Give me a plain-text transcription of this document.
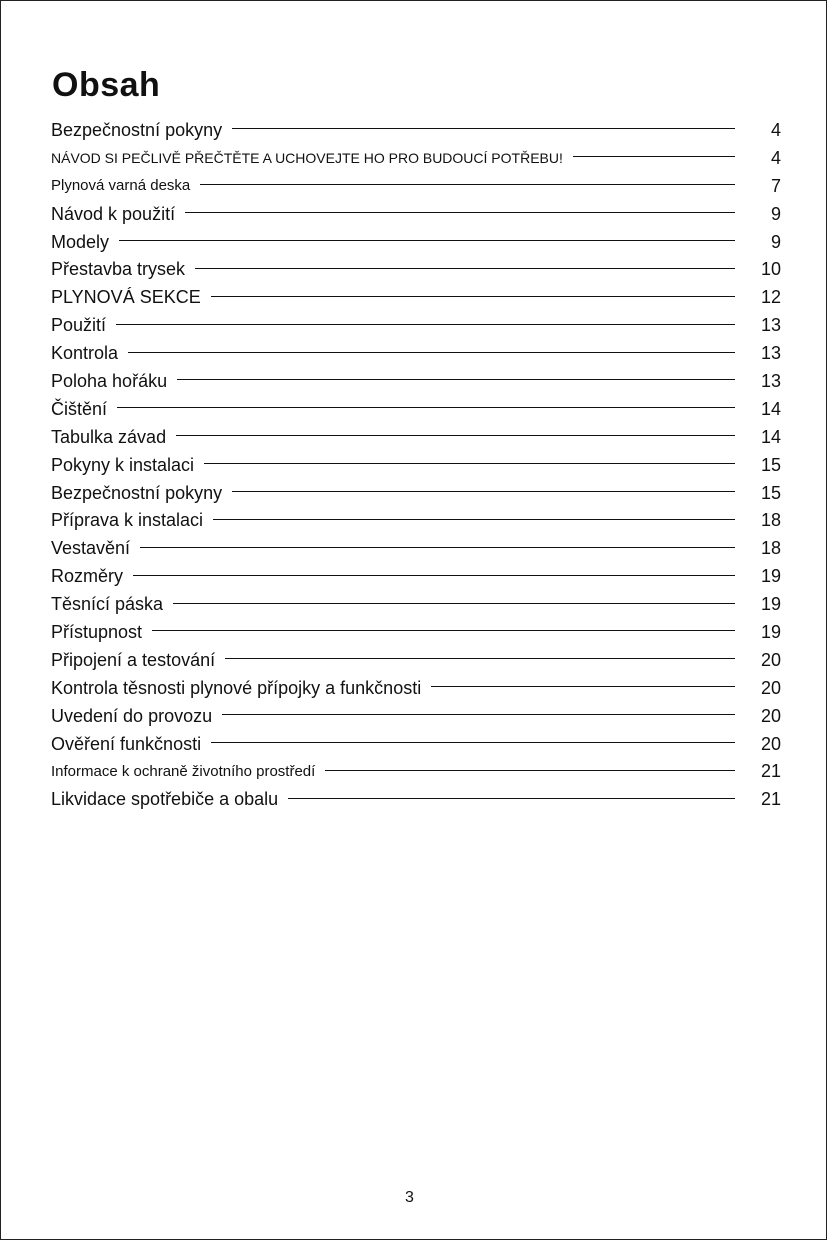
Obsah
Bezpečnostní pokyny	4
NÁVOD SI PEČLIVĚ PŘEČTĚTE A UCHOVEJTE HO PRO BUDOUCÍ POTŘEBU!	4
Plynová varná deska	7
Návod k použití	9
Modely	9
Přestavba trysek	10
PLYNOVÁ SEKCE	12
Použití	13
Kontrola	13
Poloha hořáku	13
Čištění	14
Tabulka závad	14
Pokyny k instalaci	15
Bezpečnostní pokyny	15
Příprava k instalaci	18
Vestavění	18
Rozměry	19
Těsnící páska	19
Přístupnost	19
Připojení a testování	20
Kontrola těsnosti plynové přípojky a funkčnosti	20
Uvedení do provozu	20
Ověření funkčnosti	20
Informace k ochraně životního prostředí	21
Likvidace spotřebiče a obalu	21
3
